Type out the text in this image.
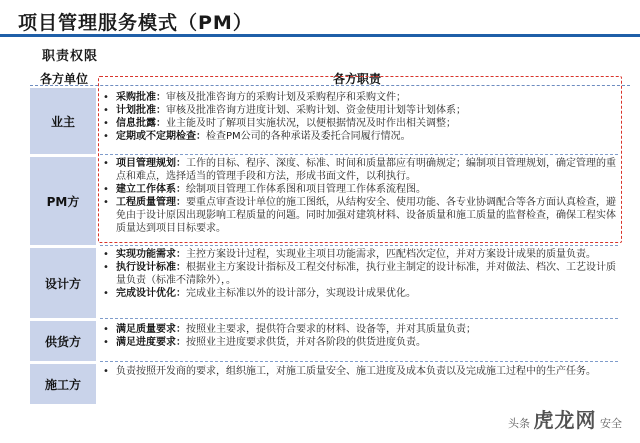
项目管理服务模式（PM）
职责权限
各方单位	各方职责
业主
PM方
设计方
供货方
施工方
• 采购批准：审核及批准咨询方的采购计划及采购程序和采购文件；
• 计划批准：审核及批准咨询方进度计划、采购计划、资金使用计划等计划体系；
• 信息批露：业主能及时了解项目实施状况，以便根据情况及时作出相关调整；
• 定期或不定期检查：检查PM公司的各种承诺及委托合同履行情况。
• 项目管理规划：工作的目标、程序、深度、标准、时间和质量都应有明确规定；编制项目管理规划，确定管理的重点和难点，选择适当的管理手段和方法，形成书面文件，以利执行。
• 建立工作体系：绘制项目管理工作体系图和项目管理工作体系流程图。
• 工程质量管理：要重点审查设计单位的施工图纸，从结构安全、使用功能、各专业协调配合等各方面认真检查，避免由于设计原因出现影响工程质量的问题。同时加强对建筑材料、设备质量和施工质量的监督检查，确保工程实体质量达到项目目标要求。
• 实现功能需求：主控方案设计过程，实现业主项目功能需求，匹配档次定位，并对方案设计成果的质量负责。
• 执行设计标准：根据业主方案设计指标及工程交付标准，执行业主制定的设计标准，并对做法、档次、工艺设计质量负责（标准不清除外），。
• 完成设计优化：完成业主标准以外的设计部分，实现设计成果优化。
• 满足质量要求：按照业主要求，提供符合要求的材料、设备等，并对其质量负责；
• 满足进度要求：按照业主进度要求供货，并对各阶段的供货进度负责。
• 负责按照开发商的要求，组织施工，对施工质量安全、施工进度及成本负责以及完成施工过程中的生产任务。
头条 虎龙网 安全
